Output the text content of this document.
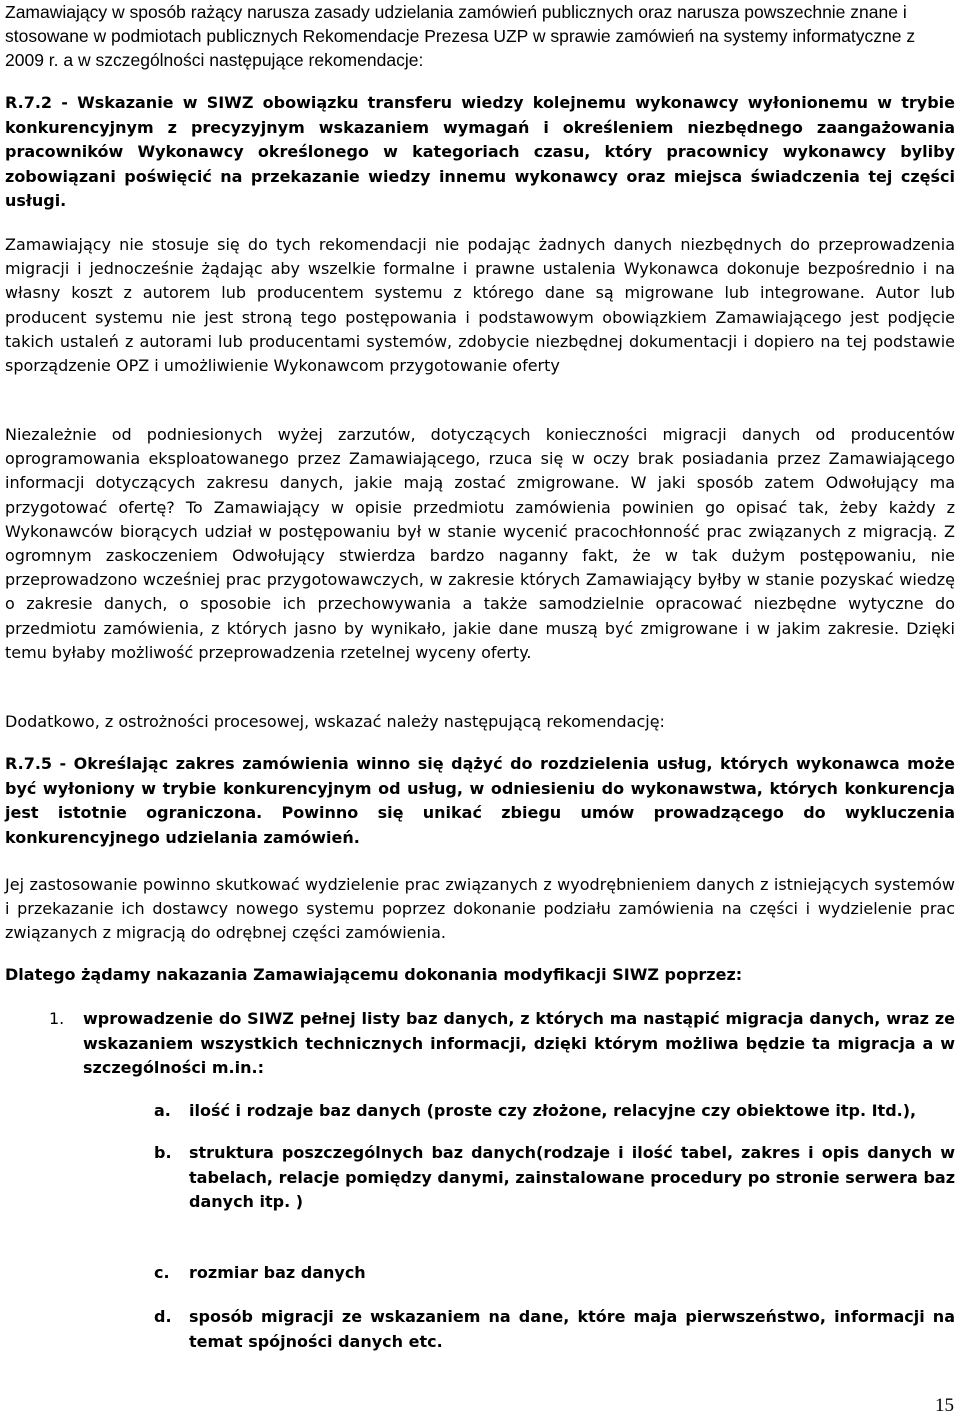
Zamawiający w sposób rażący narusza zasady udzielania zamówień publicznych oraz narusza powszechnie znane i stosowane w podmiotach publicznych Rekomendacje Prezesa UZP w sprawie zamówień na systemy informatyczne z 2009 r. a w szczególności następujące rekomendacje:
R.7.2 - Wskazanie w SIWZ obowiązku transferu wiedzy kolejnemu wykonawcy wyłonionemu w trybie konkurencyjnym z precyzyjnym wskazaniem wymagań i określeniem niezbędnego zaangażowania pracowników Wykonawcy określonego w kategoriach czasu, który pracownicy wykonawcy byliby zobowiązani poświęcić na przekazanie wiedzy innemu wykonawcy oraz miejsca świadczenia tej części usługi.
Zamawiający nie stosuje się do tych rekomendacji nie podając żadnych danych niezbędnych do przeprowadzenia migracji i jednocześnie żądając aby wszelkie formalne i prawne ustalenia Wykonawca dokonuje bezpośrednio i na własny koszt z autorem lub producentem systemu z którego dane są migrowane lub integrowane. Autor lub producent systemu nie jest stroną tego postępowania i podstawowym obowiązkiem Zamawiającego jest podjęcie takich ustaleń z autorami lub producentami systemów, zdobycie niezbędnej dokumentacji i dopiero na tej podstawie sporządzenie OPZ i umożliwienie Wykonawcom przygotowanie oferty
Niezależnie od podniesionych wyżej zarzutów, dotyczących konieczności migracji danych od producentów oprogramowania eksploatowanego przez Zamawiającego, rzuca się w oczy brak posiadania przez Zamawiającego informacji dotyczących zakresu danych, jakie mają zostać zmigrowane. W jaki sposób zatem Odwołujący ma przygotować ofertę? To Zamawiający w opisie przedmiotu zamówienia powinien go opisać tak, żeby każdy z Wykonawców biorących udział w postępowaniu był w stanie wycenić pracochłonność prac związanych z migracją. Z ogromnym zaskoczeniem Odwołujący stwierdza bardzo naganny fakt, że w tak dużym postępowaniu, nie przeprowadzono wcześniej prac przygotowawczych, w zakresie których Zamawiający byłby w stanie pozyskać wiedzę o zakresie danych, o sposobie ich przechowywania a także samodzielnie opracować niezbędne wytyczne do przedmiotu zamówienia, z których jasno by wynikało, jakie dane muszą być zmigrowane i w jakim zakresie. Dzięki temu byłaby możliwość przeprowadzenia rzetelnej wyceny oferty.
Dodatkowo, z ostrożności procesowej, wskazać należy następującą rekomendację:
R.7.5 - Określając zakres zamówienia winno się dążyć do rozdzielenia usług, których wykonawca może być wyłoniony w trybie konkurencyjnym od usług, w odniesieniu do wykonawstwa, których konkurencja jest istotnie ograniczona. Powinno się unikać zbiegu umów prowadzącego do wykluczenia konkurencyjnego udzielania zamówień.
Jej zastosowanie powinno skutkować wydzielenie prac związanych z wyodrębnieniem danych z istniejących systemów i przekazanie ich dostawcy nowego systemu poprzez dokonanie podziału zamówienia na części i wydzielenie prac związanych z migracją do odrębnej części zamówienia.
Dlatego żądamy nakazania Zamawiającemu dokonania modyfikacji SIWZ poprzez:
1. wprowadzenie do SIWZ pełnej listy baz danych, z których ma nastąpić migracja danych, wraz ze wskazaniem wszystkich technicznych informacji, dzięki którym możliwa będzie ta migracja a w szczególności m.in.:
a. ilość i rodzaje baz danych (proste czy złożone, relacyjne czy obiektowe itp. Itd.),
b. struktura poszczególnych baz danych(rodzaje i ilość tabel, zakres i opis danych w tabelach, relacje pomiędzy danymi, zainstalowane procedury po stronie serwera baz danych itp. )
c. rozmiar baz danych
d. sposób migracji ze wskazaniem na dane, które maja pierwszeństwo, informacji na temat spójności danych etc.
15
